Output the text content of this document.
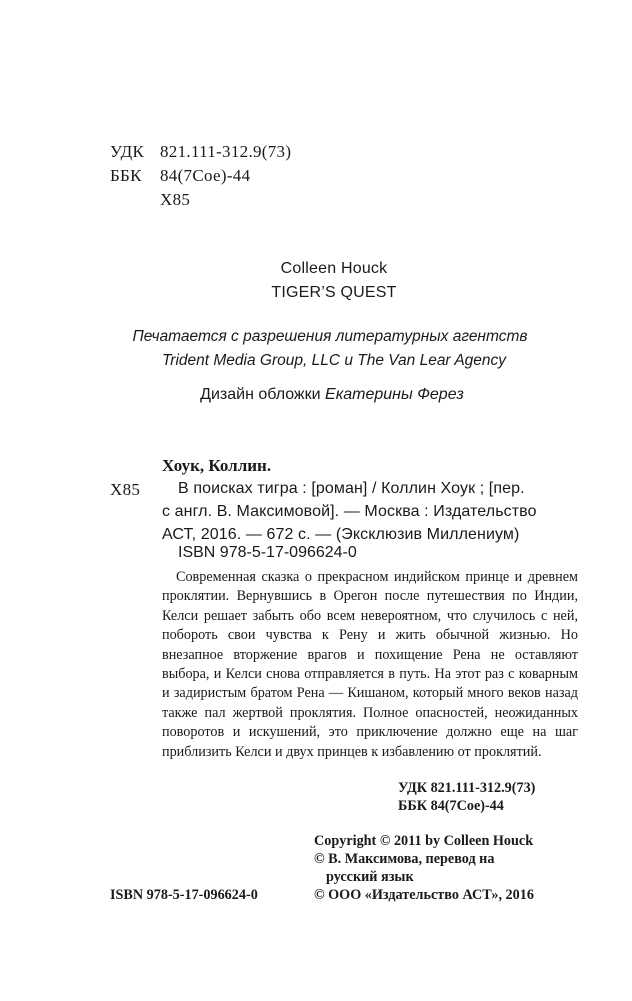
УДК 821.111-312.9(73)
ББК 84(7Сое)-44
Х85
Colleen Houck
TIGER’S QUEST
Печатается с разрешения литературных агентств
Trident Media Group, LLC и The Van Lear Agency
Дизайн обложки Екатерины Ферез
Хоук, Коллин.
Х85 В поисках тигра : [роман] / Коллин Хоук ; [пер.
с англ. В. Максимовой]. — Москва : Издательство
АСТ, 2016. — 672 с. — (Эксклюзив Миллениум)
ISBN 978-5-17-096624-0
Современная сказка о прекрасном индийском принце и древнем проклятии. Вернувшись в Орегон после путешествия по Индии, Келси решает забыть обо всем невероятном, что случилось с ней, побороть свои чувства к Рену и жить обычной жизнью. Но внезапное вторжение врагов и похищение Рена не оставляют выбора, и Келси снова отправляется в путь. На этот раз с коварным и задиристым братом Рена — Кишаном, который много веков назад также пал жертвой проклятия. Полное опасностей, неожиданных поворотов и искушений, это приключение должно еще на шаг приблизить Келси и двух принцев к избавлению от проклятий.
УДК 821.111-312.9(73)
ББК 84(7Сое)-44
Copyright © 2011 by Colleen Houck
© В. Максимова, перевод на
русский язык
© ООО «Издательство АСТ», 2016
ISBN 978-5-17-096624-0
